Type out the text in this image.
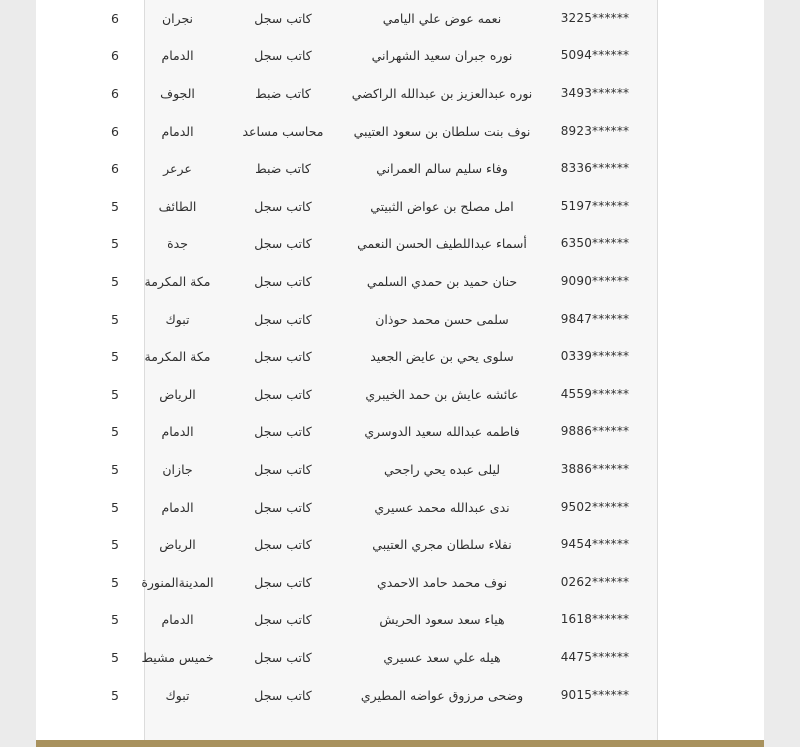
3225******
نعمه عوض علي اليامي
كاتب سجل
نجران
6
5094******
نوره جبران سعيد الشهراني
كاتب سجل
الدمام
6
3493******
نوره عبدالعزيز بن عبدالله الراكضي
كاتب ضبط
الجوف
6
8923******
نوف بنت سلطان بن سعود العتيبي
محاسب مساعد
الدمام
6
8336******
وفاء سليم سالم العمراني
كاتب ضبط
عرعر
6
5197******
امل مصلح بن عواض الثبيتي
كاتب سجل
الطائف
5
6350******
أسماء عبداللطيف الحسن النعمي
كاتب سجل
جدة
5
9090******
حنان حميد بن حمدي السلمي
كاتب سجل
مكة المكرمة
5
9847******
سلمى حسن محمد حوذان
كاتب سجل
تبوك
5
0339******
سلوى يحي بن عايض الجعيد
كاتب سجل
مكة المكرمة
5
4559******
عائشه عايش بن حمد الخيبري
كاتب سجل
الرياض
5
9886******
فاطمه عبدالله سعيد الدوسري
كاتب سجل
الدمام
5
3886******
ليلى عبده يحي راجحي
كاتب سجل
جازان
5
9502******
ندى عبدالله محمد عسيري
كاتب سجل
الدمام
5
9454******
نفلاء سلطان مجري العتيبي
كاتب سجل
الرياض
5
0262******
نوف محمد حامد الاحمدي
كاتب سجل
المدينةالمنورة
5
1618******
هياء سعد سعود الحريش
كاتب سجل
الدمام
5
4475******
هيله علي سعد عسيري
كاتب سجل
خميس مشيط
5
9015******
وضحى مرزوق عواضه المطيري
كاتب سجل
تبوك
5
